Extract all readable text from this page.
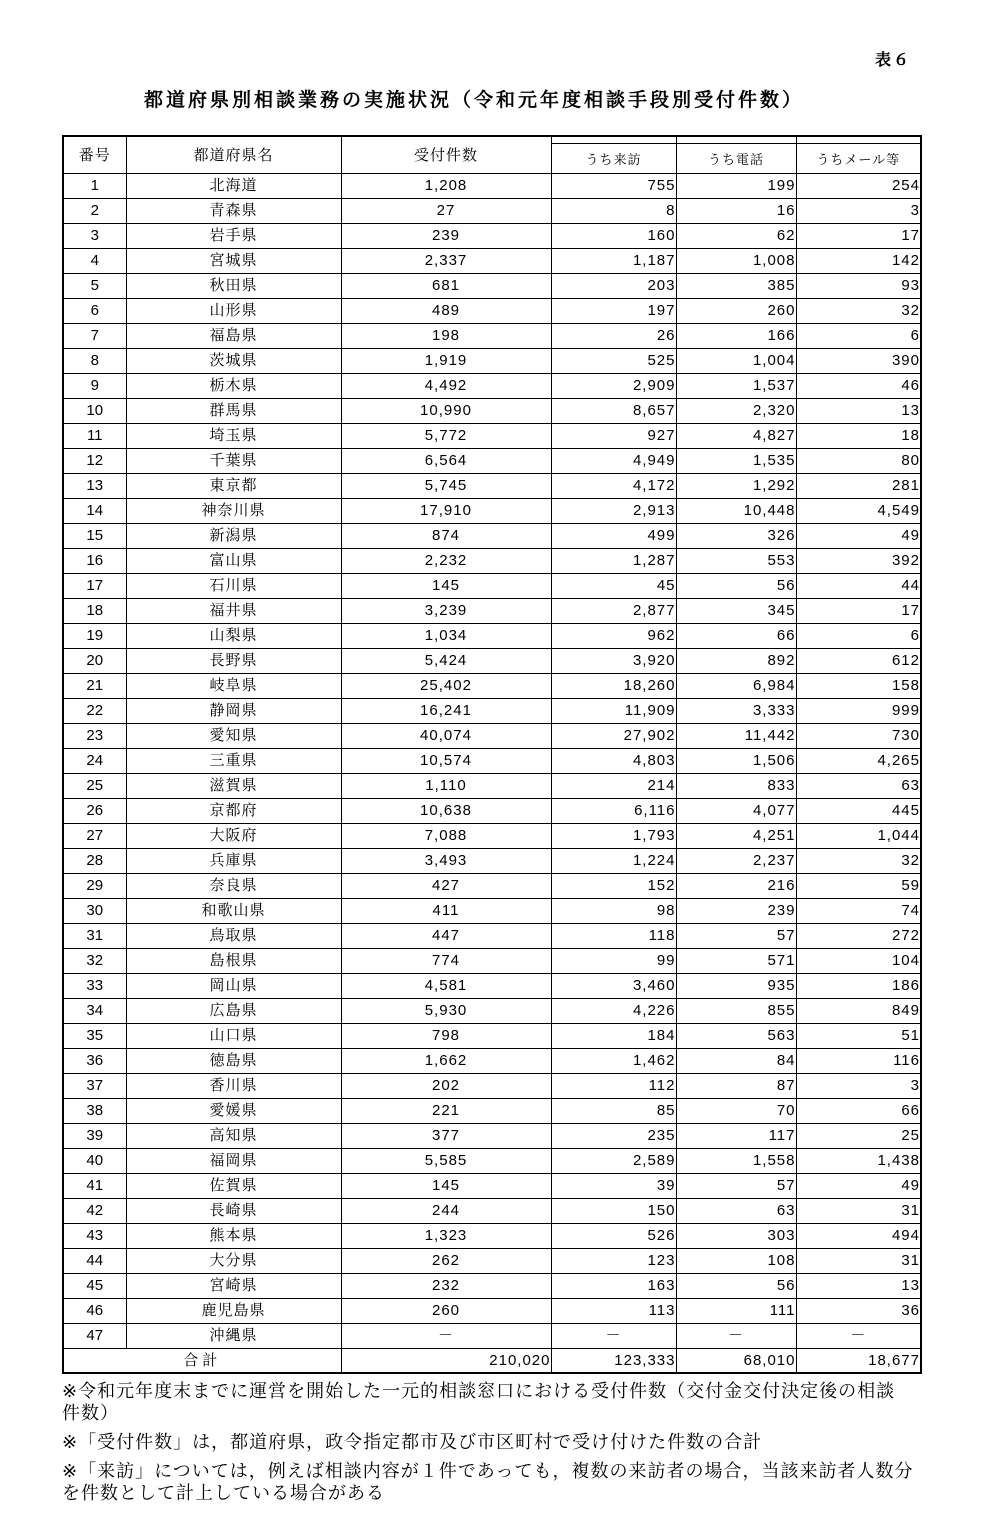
表６
都道府県別相談業務の実施状況（令和元年度相談手段別受付件数）
番号	都道府県名	受付件数	うち来訪	うち電話	うちメール等

1	北海道	1,208	755	199	254
2	青森県	27	8	16	3
3	岩手県	239	160	62	17
4	宮城県	2,337	1,187	1,008	142
5	秋田県	681	203	385	93
6	山形県	489	197	260	32
7	福島県	198	26	166	6
8	茨城県	1,919	525	1,004	390
9	栃木県	4,492	2,909	1,537	46
10	群馬県	10,990	8,657	2,320	13
11	埼玉県	5,772	927	4,827	18
12	千葉県	6,564	4,949	1,535	80
13	東京都	5,745	4,172	1,292	281
14	神奈川県	17,910	2,913	10,448	4,549
15	新潟県	874	499	326	49
16	富山県	2,232	1,287	553	392
17	石川県	145	45	56	44
18	福井県	3,239	2,877	345	17
19	山梨県	1,034	962	66	6
20	長野県	5,424	3,920	892	612
21	岐阜県	25,402	18,260	6,984	158
22	静岡県	16,241	11,909	3,333	999
23	愛知県	40,074	27,902	11,442	730
24	三重県	10,574	4,803	1,506	4,265
25	滋賀県	1,110	214	833	63
26	京都府	10,638	6,116	4,077	445
27	大阪府	7,088	1,793	4,251	1,044
28	兵庫県	3,493	1,224	2,237	32
29	奈良県	427	152	216	59
30	和歌山県	411	98	239	74
31	鳥取県	447	118	57	272
32	島根県	774	99	571	104
33	岡山県	4,581	3,460	935	186
34	広島県	5,930	4,226	855	849
35	山口県	798	184	563	51
36	徳島県	1,662	1,462	84	116
37	香川県	202	112	87	3
38	愛媛県	221	85	70	66
39	高知県	377	235	117	25
40	福岡県	5,585	2,589	1,558	1,438
41	佐賀県	145	39	57	49
42	長崎県	244	150	63	31
43	熊本県	1,323	526	303	494
44	大分県	262	123	108	31
45	宮崎県	232	163	56	13
46	鹿児島県	260	113	111	36
47	沖縄県	－	－	－	－
合計		210,020	123,333	68,010	18,677

※令和元年度末までに運営を開始した一元的相談窓口における受付件数（交付金交付決定後の相談件数）

※「受付件数」は，都道府県，政令指定都市及び市区町村で受け付けた件数の合計

※「来訪」については，例えば相談内容が１件であっても，複数の来訪者の場合，当該来訪者人数分を件数として計上している場合がある
